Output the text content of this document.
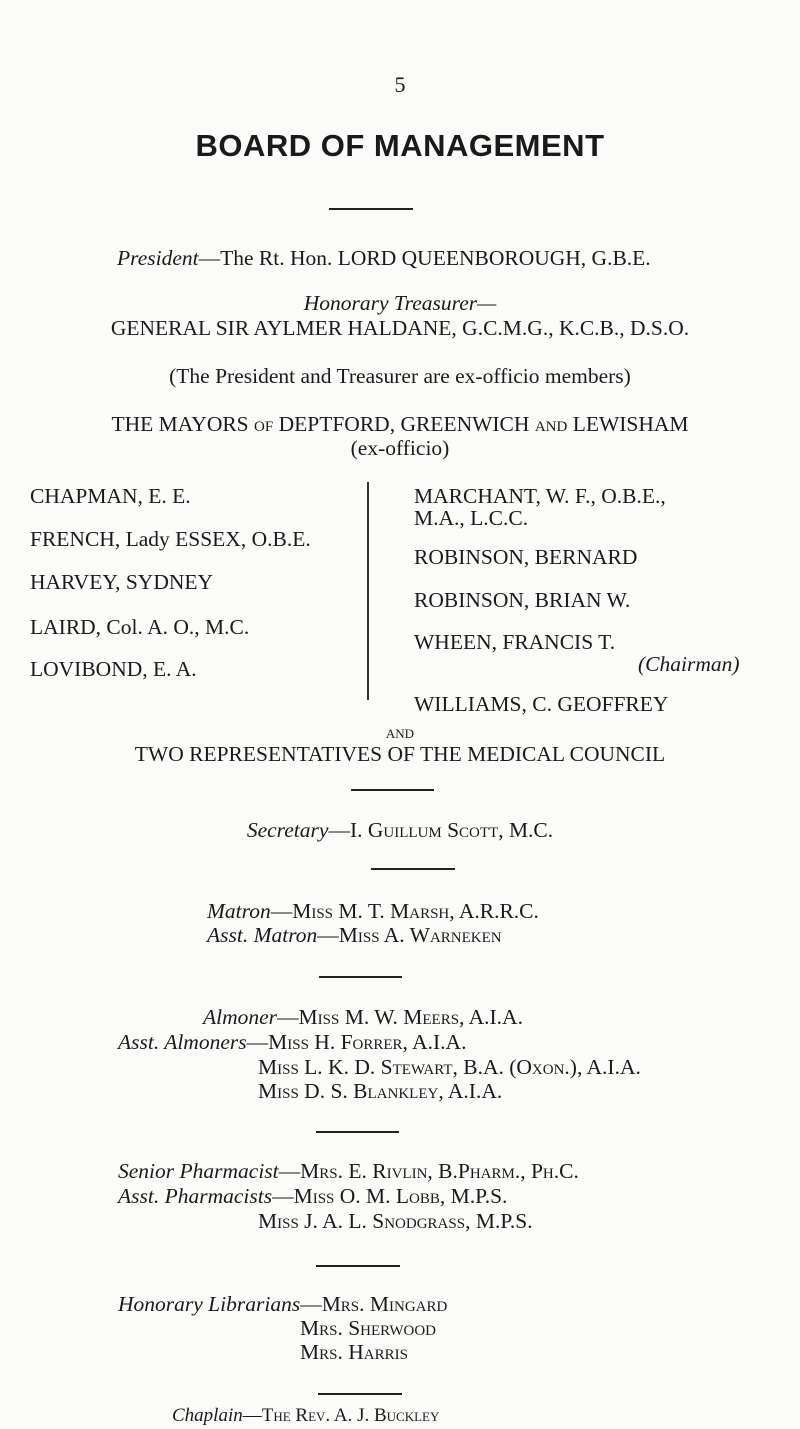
5
BOARD OF MANAGEMENT
President—The Rt. Hon. LORD QUEENBOROUGH, G.B.E.
Honorary Treasurer—
GENERAL SIR AYLMER HALDANE, G.C.M.G., K.C.B., D.S.O.
(The President and Treasurer are ex-officio members)
THE MAYORS of DEPTFORD, GREENWICH and LEWISHAM
(ex-officio)
CHAPMAN, E. E.
FRENCH, Lady ESSEX, O.B.E.
HARVEY, SYDNEY
LAIRD, Col. A. O., M.C.
LOVIBOND, E. A.
MARCHANT, W. F., O.B.E.,
M.A., L.C.C.
ROBINSON, BERNARD
ROBINSON, BRIAN W.
WHEEN, FRANCIS T.
(Chairman)
WILLIAMS, C. GEOFFREY
and
TWO REPRESENTATIVES OF THE MEDICAL COUNCIL
Secretary—I. Guillum Scott, M.C.
Matron—Miss M. T. Marsh, A.R.R.C.
Asst. Matron—Miss A. Warneken
Almoner—Miss M. W. Meers, A.I.A.
Asst. Almoners—Miss H. Forrer, A.I.A.
Miss L. K. D. Stewart, B.A. (Oxon.), A.I.A.
Miss D. S. Blankley, A.I.A.
Senior Pharmacist—Mrs. E. Rivlin, B.Pharm., Ph.C.
Asst. Pharmacists—Miss O. M. Lobb, M.P.S.
Miss J. A. L. Snodgrass, M.P.S.
Honorary Librarians—Mrs. Mingard
Mrs. Sherwood
Mrs. Harris
Chaplain—The Rev. A. J. Buckley
